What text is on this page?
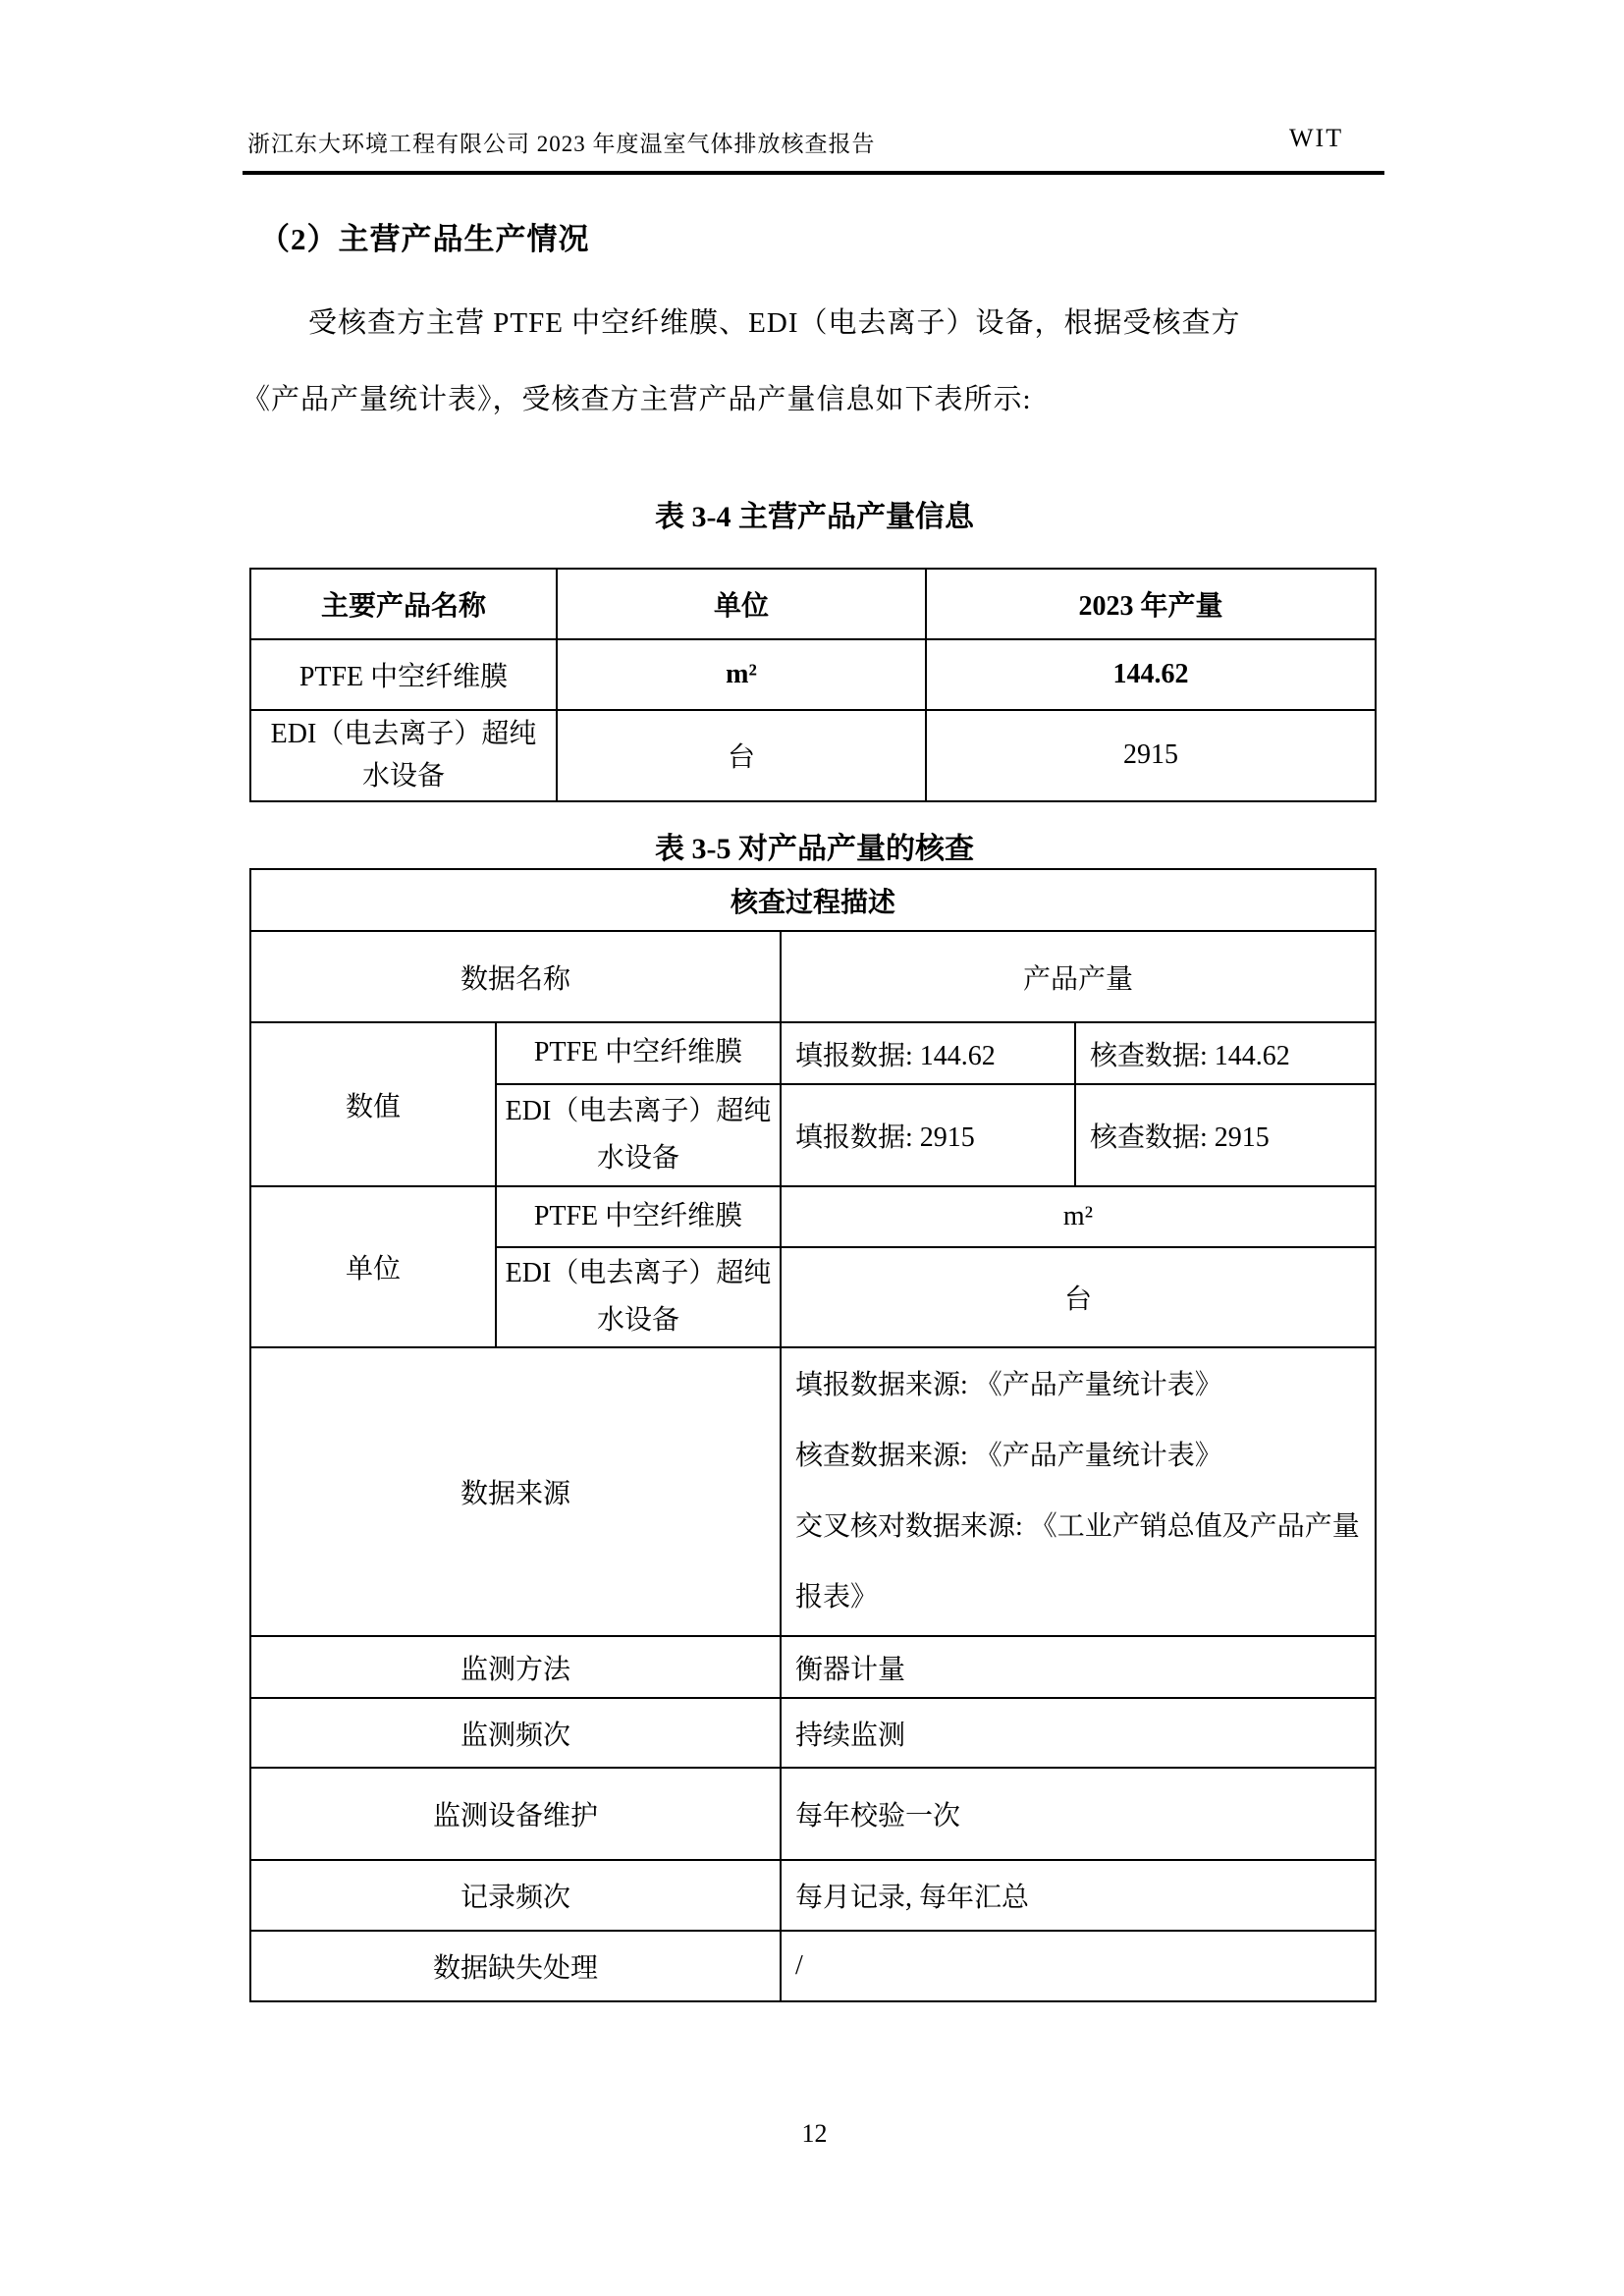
浙江东大环境工程有限公司 2023 年度温室气体排放核查报告	WIT
（2）主营产品生产情况
受核查方主营 PTFE 中空纤维膜、EDI（电去离子）设备，根据受核查方
《产品产量统计表》，受核查方主营产品产量信息如下表所示:
表 3-4 主营产品产量信息
主要产品名称	单位	2023 年产量
PTFE 中空纤维膜	m²	144.62
EDI（电去离子）超纯水设备	台	2915
表 3-5 对产品产量的核查
核查过程描述			
数据名称		产品产量	
数值	PTFE 中空纤维膜	填报数据: 144.62	核查数据: 144.62
	EDI（电去离子）超纯水设备	填报数据: 2915	核查数据: 2915
单位	PTFE 中空纤维膜	m²	
	EDI（电去离子）超纯水设备	台	
数据来源		填报数据来源: 《产品产量统计表》
核查数据来源: 《产品产量统计表》
交叉核对数据来源: 《工业产销总值及产品产量报表》	

监测方法		衡器计量	
监测频次		持续监测	
监测设备维护		每年校验一次	
记录频次		每月记录, 每年汇总	
数据缺失处理		/	
12
